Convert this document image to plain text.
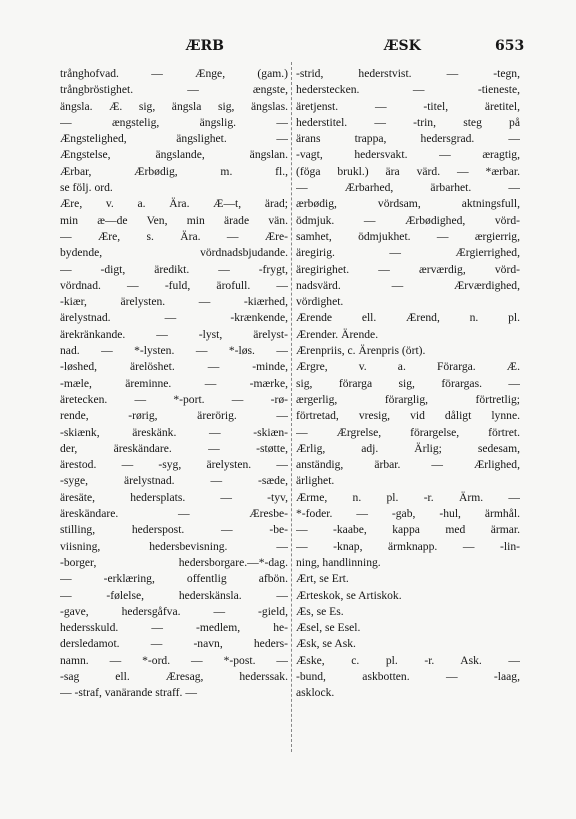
ÆRB	ÆSK	653
trånghofvad. — Ænge, (gam.)
trångbröstighet. — ængste,
ängsla. Æ. sig, ängsla sig, ängslas.
— ængstelig, ängslig. —
Ængstelighed, ängslighet. —
Ængstelse, ängslande, ängslan.
Ærbar, Ærbødig, m. fl.,
se följ. ord.
Ære, v. a. Ära. Æ—t, ärad;
min æ—de Ven, min ärade vän.
— Ære, s. Ära. — Ære-
bydende, vördnadsbjudande.
— -digt, äredikt. — -frygt,
vördnad. — -fuld, ärofull. —
-kiær, ärelysten. — -kiærhed,
ärelystnad. — -krænkende,
ärekränkande. — -lyst, ärelyst-
nad. — *-lysten. — *-løs. —
-løshed, ärelöshet. — -minde,
-mæle, äreminne. — -mærke,
äretecken. — *-port. — -rø-
rende, -rørig, ärerörig. —
-skiænk, äreskänk. — -skiæn-
der, äreskändare. — -støtte,
ärestod. — -syg, ärelysten. —
-syge, ärelystnad. — -sæde,
äresäte, hedersplats. — -tyv,
äreskändare. — Æresbe-
stilling, hederspost. — -be-
viisning, hedersbevisning. —
-borger, hedersborgare.—*-dag.
— -erklæring, offentlig afbön.
— -følelse, hederskänsla. —
-gave, hedersgåfva. — -gield,
hedersskuld. — -medlem, he-
dersledamot. — -navn, heders-
namn. — *-ord. — *-post. —
-sag ell. Æresag, hederssak.
— -straf, vanärande straff. —
-strid, hederstvist. — -tegn,
hederstecken. — -tieneste,
äretjenst. — -titel, äretitel,
hederstitel. — -trin, steg på
ärans trappa, hedersgrad. —
-vagt, hedersvakt. — æragtig,
(föga brukl.) ära värd. — *ærbar.
— Ærbarhed, ärbarhet. —
ærbødig, vördsam, aktningsfull,
ödmjuk. — Ærbødighed, vörd-
samhet, ödmjukhet. — ærgierrig,
äregirig. — Ærgierrighed,
äregirighet. — ærværdig, vörd-
nadsvärd. — Ærværdighed,
vördighet.
Ærende ell. Ærend, n. pl.
Ærender. Ärende.
Ærenpriis, c. Ärenpris (ört).
Ærgre, v. a. Förarga. Æ.
sig, förarga sig, förargas. —
ærgerlig, förarglig, förtretlig;
förtretad, vresig, vid dåligt lynne.
— Ærgrelse, förargelse, förtret.
Ærlig, adj. Ärlig; sedesam,
anständig, ärbar. — Ærlighed,
ärlighet.
Ærme, n. pl. -r. Ärm. —
*-foder. — -gab, -hul, ärmhål.
— -kaabe, kappa med ärmar.
— -knap, ärmknapp. — -lin-
ning, handlinning.
Ært, se Ert.
Ærteskok, se Artiskok.
Æs, se Es.
Æsel, se Esel.
Æsk, se Ask.
Æske, c. pl. -r. Ask. —
-bund, askbotten. — -laag,
asklock.
